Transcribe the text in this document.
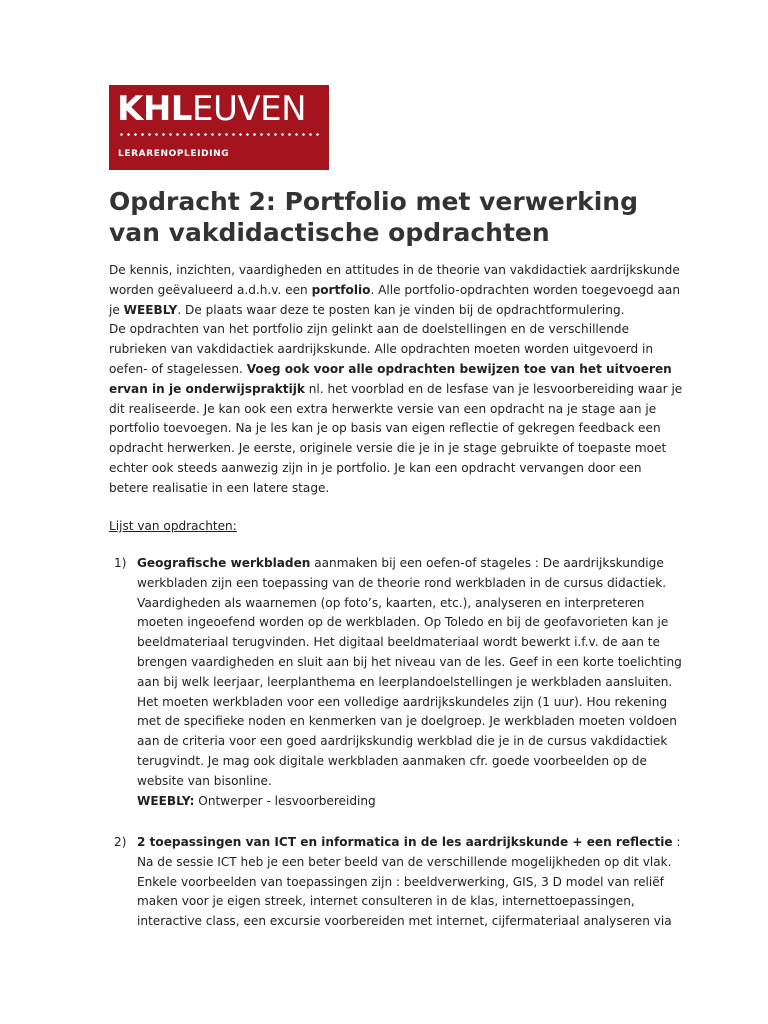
KHLEUVEN
LERARENOPLEIDING
Opdracht 2: Portfolio met verwerking
van vakdidactische opdrachten

De kennis, inzichten, vaardigheden en attitudes in de theorie van vakdidactiek aardrijkskunde worden geëvalueerd a.d.h.v. een portfolio. Alle portfolio-opdrachten worden toegevoegd aan je WEEBLY. De plaats waar deze te posten kan je vinden bij de opdrachtformulering.

De opdrachten van het portfolio zijn gelinkt aan de doelstellingen en de verschillende rubrieken van vakdidactiek aardrijkskunde. Alle opdrachten moeten worden uitgevoerd in oefen- of stagelessen. Voeg ook voor alle opdrachten bewijzen toe van het uitvoeren ervan in je onderwijspraktijk nl. het voorblad en de lesfase van je lesvoorbereiding waar je dit realiseerde. Je kan ook een extra herwerkte versie van een opdracht na je stage aan je portfolio toevoegen. Na je les kan je op basis van eigen reflectie of gekregen feedback een opdracht herwerken. Je eerste, originele versie die je in je stage gebruikte of toepaste moet echter ook steeds aanwezig zijn in je portfolio. Je kan een opdracht vervangen door een betere realisatie in een latere stage.

Lijst van opdrachten:
1) Geografische werkbladen aanmaken bij een oefen-of stageles : De aardrijkskundige werkbladen zijn een toepassing van de theorie rond werkbladen in de cursus didactiek. Vaardigheden als waarnemen (op foto’s, kaarten, etc.), analyseren en interpreteren moeten ingeoefend worden op de werkbladen. Op Toledo en bij de geofavorieten kan je beeldmateriaal terugvinden. Het digitaal beeldmateriaal wordt bewerkt i.f.v. de aan te brengen vaardigheden en sluit aan bij het niveau van de les. Geef in een korte toelichting aan bij welk leerjaar, leerplanthema en leerplandoelstellingen je werkbladen aansluiten. Het moeten werkbladen voor een volledige aardrijkskundeles zijn (1 uur). Hou rekening met de specifieke noden en kenmerken van je doelgroep. Je werkbladen moeten voldoen aan de criteria voor een goed aardrijkskundig werkblad die je in de cursus vakdidactiek terugvindt. Je mag ook digitale werkbladen aanmaken cfr. goede voorbeelden op de website van bisonline.
WEEBLY: Ontwerper - lesvoorbereiding
2) 2 toepassingen van ICT en informatica in de les aardrijkskunde + een reflectie : Na de sessie ICT heb je een beter beeld van de verschillende mogelijkheden op dit vlak. Enkele voorbeelden van toepassingen zijn : beeldverwerking, GIS, 3 D model van reliëf maken voor je eigen streek, internet consulteren in de klas, internettoepassingen, interactive class, een excursie voorbereiden met internet, cijfermateriaal analyseren via
